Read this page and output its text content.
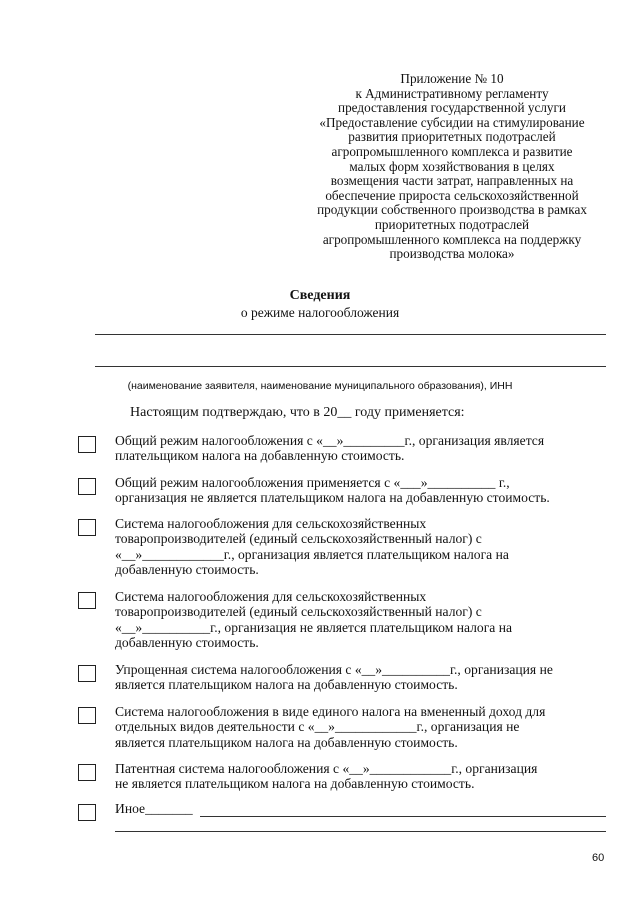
Приложение № 10
к Административному регламенту
предоставления государственной услуги
«Предоставление субсидии на стимулирование
развития приоритетных подотраслей
агропромышленного комплекса и развитие
малых форм хозяйствования в целях
возмещения части затрат, направленных на
обеспечение прироста сельскохозяйственной
продукции собственного производства в рамках
приоритетных подотраслей
агропромышленного комплекса на поддержку
производства молока»
Сведения
о режиме налогообложения
(наименование заявителя, наименование муниципального образования), ИНН
Настоящим подтверждаю, что в 20__ году применяется:
Общий режим налогообложения с «__»_________г., организация является
плательщиком налога на добавленную стоимость.
Общий режим налогообложения применяется с «___»__________ г.,
организация не является плательщиком налога на добавленную стоимость.
Система налогообложения для сельскохозяйственных
товаропроизводителей (единый сельскохозяйственный налог) с
«__»____________г., организация является плательщиком налога на
добавленную стоимость.
Система налогообложения для сельскохозяйственных
товаропроизводителей (единый сельскохозяйственный налог) с
«__»__________г., организация не является плательщиком налога на
добавленную стоимость.
Упрощенная система налогообложения с «__»__________г., организация не
является плательщиком налога на добавленную стоимость.
Система налогообложения в виде единого налога на вмененный доход для
отдельных видов деятельности с «__»____________г., организация не
является плательщиком налога на добавленную стоимость.
Патентная система налогообложения с «__»____________г., организация
не является плательщиком налога на добавленную стоимость.
Иное_______
60
